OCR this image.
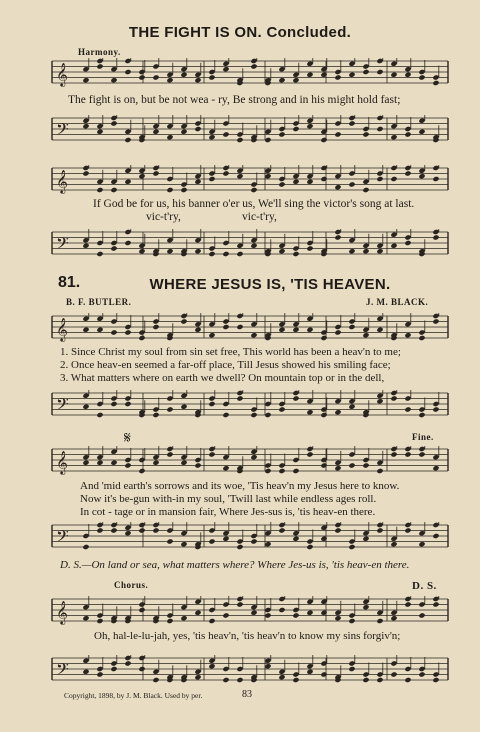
THE FIGHT IS ON. Concluded.
Harmony.
𝄞
The fight is on, but be not wea - ry, Be strong and in his might hold fast;
𝄢
𝄞
If God be for us, his banner o'er us, We'll sing the victor's song at last.
vic-t'ry,	vic-t'ry,
𝄢
81.	WHERE JESUS IS, 'TIS HEAVEN.
B. F. BUTLER.	J. M. BLACK.
𝄞
1. Since Christ my soul from sin set free, This world has been a heav'n to me;
2. Once heav-en seemed a far-off place, Till Jesus showed his smiling face;
3. What matters where on earth we dwell? On mountain top or in the dell,
𝄢
𝄋	Fine.
𝄞
And 'mid earth's sorrows and its woe, 'Tis heav'n my Jesus here to know.
Now it's be-gun with-in my soul, 'Twill last while endless ages roll.
In cot - tage or in mansion fair, Where Jes-sus is, 'tis heav-en there.
𝄢
D. S.—On land or sea, what matters where? Where Jes-us is, 'tis heav-en there.
Chorus.	D. S.
𝄞
Oh, hal-le-lu-jah, yes, 'tis heav'n, 'tis heav'n to know my sins forgiv'n;
𝄢
Copyright, 1898, by J. M. Black. Used by per.	83
